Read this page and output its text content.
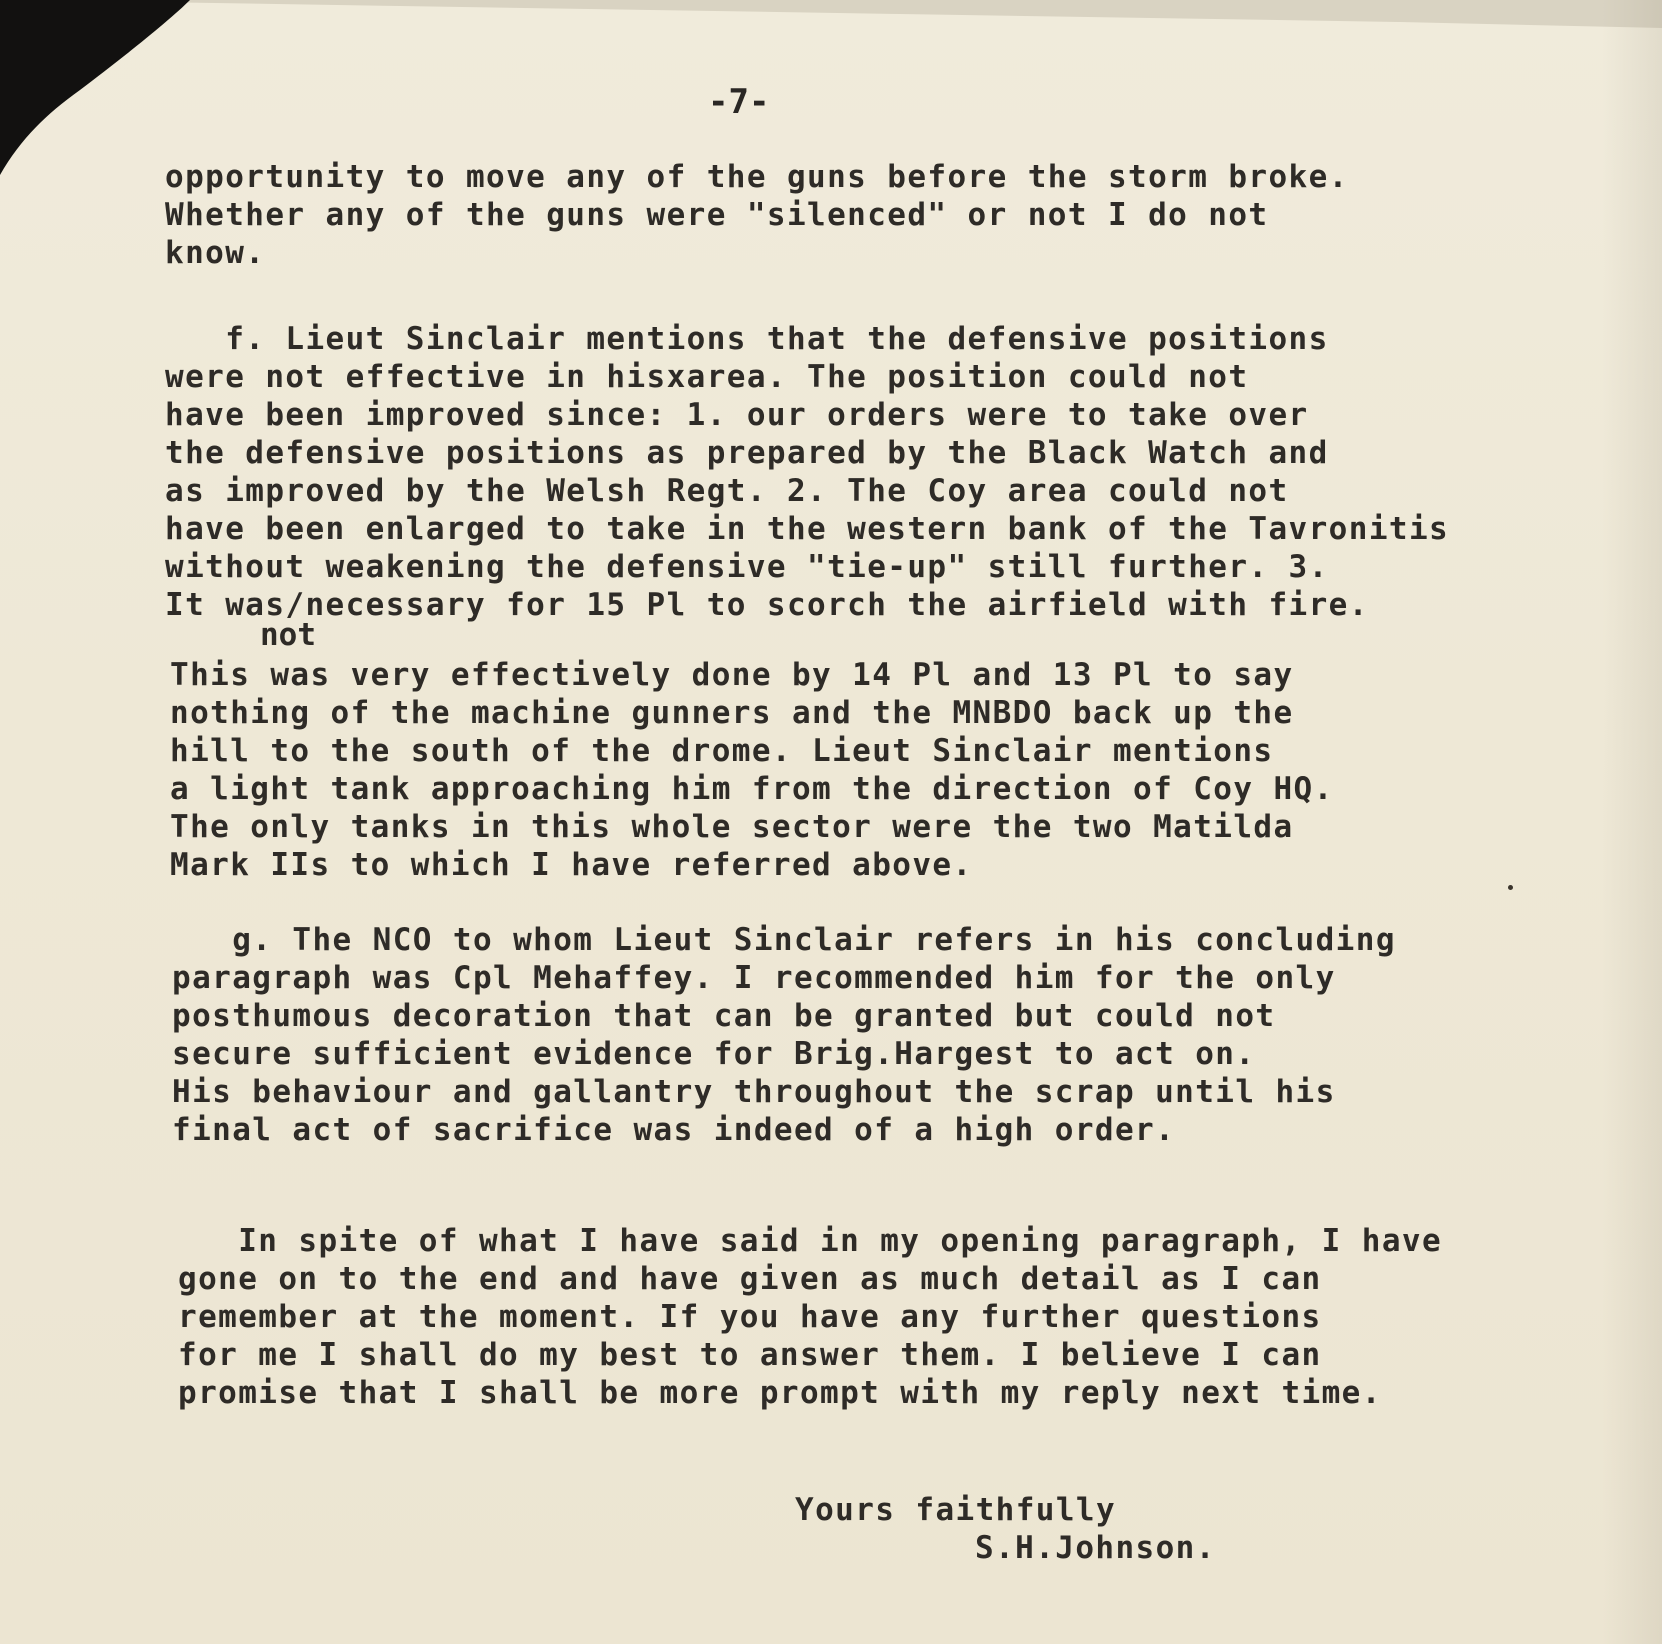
-7-

opportunity to move any of the guns before the storm broke.
Whether any of the guns were "silenced" or not I do not
know.

f. Lieut Sinclair mentions that the defensive positions
were not effective in hisxarea. The position could not
have been improved since: 1. our orders were to take over
the defensive positions as prepared by the Black Watch and
as improved by the Welsh Regt. 2. The Coy area could not
have been enlarged to take in the western bank of the Tavronitis
without weakening the defensive "tie-up" still further. 3.
It was/necessary for 15 Pl to scorch the airfield with fire.

not

This was very effectively done by 14 Pl and 13 Pl to say
nothing of the machine gunners and the MNBDO back up the
hill to the south of the drome. Lieut Sinclair mentions
a light tank approaching him from the direction of Coy HQ.
The only tanks in this whole sector were the two Matilda
Mark IIs to which I have referred above.

g. The NCO to whom Lieut Sinclair refers in his concluding
paragraph was Cpl Mehaffey. I recommended him for the only
posthumous decoration that can be granted but could not
secure sufficient evidence for Brig.Hargest to act on.
His behaviour and gallantry throughout the scrap until his
final act of sacrifice was indeed of a high order.

In spite of what I have said in my opening paragraph, I have
gone on to the end and have given as much detail as I can
remember at the moment. If you have any further questions
for me I shall do my best to answer them. I believe I can
promise that I shall be more prompt with my reply next time.

Yours faithfully

S.H.Johnson.
